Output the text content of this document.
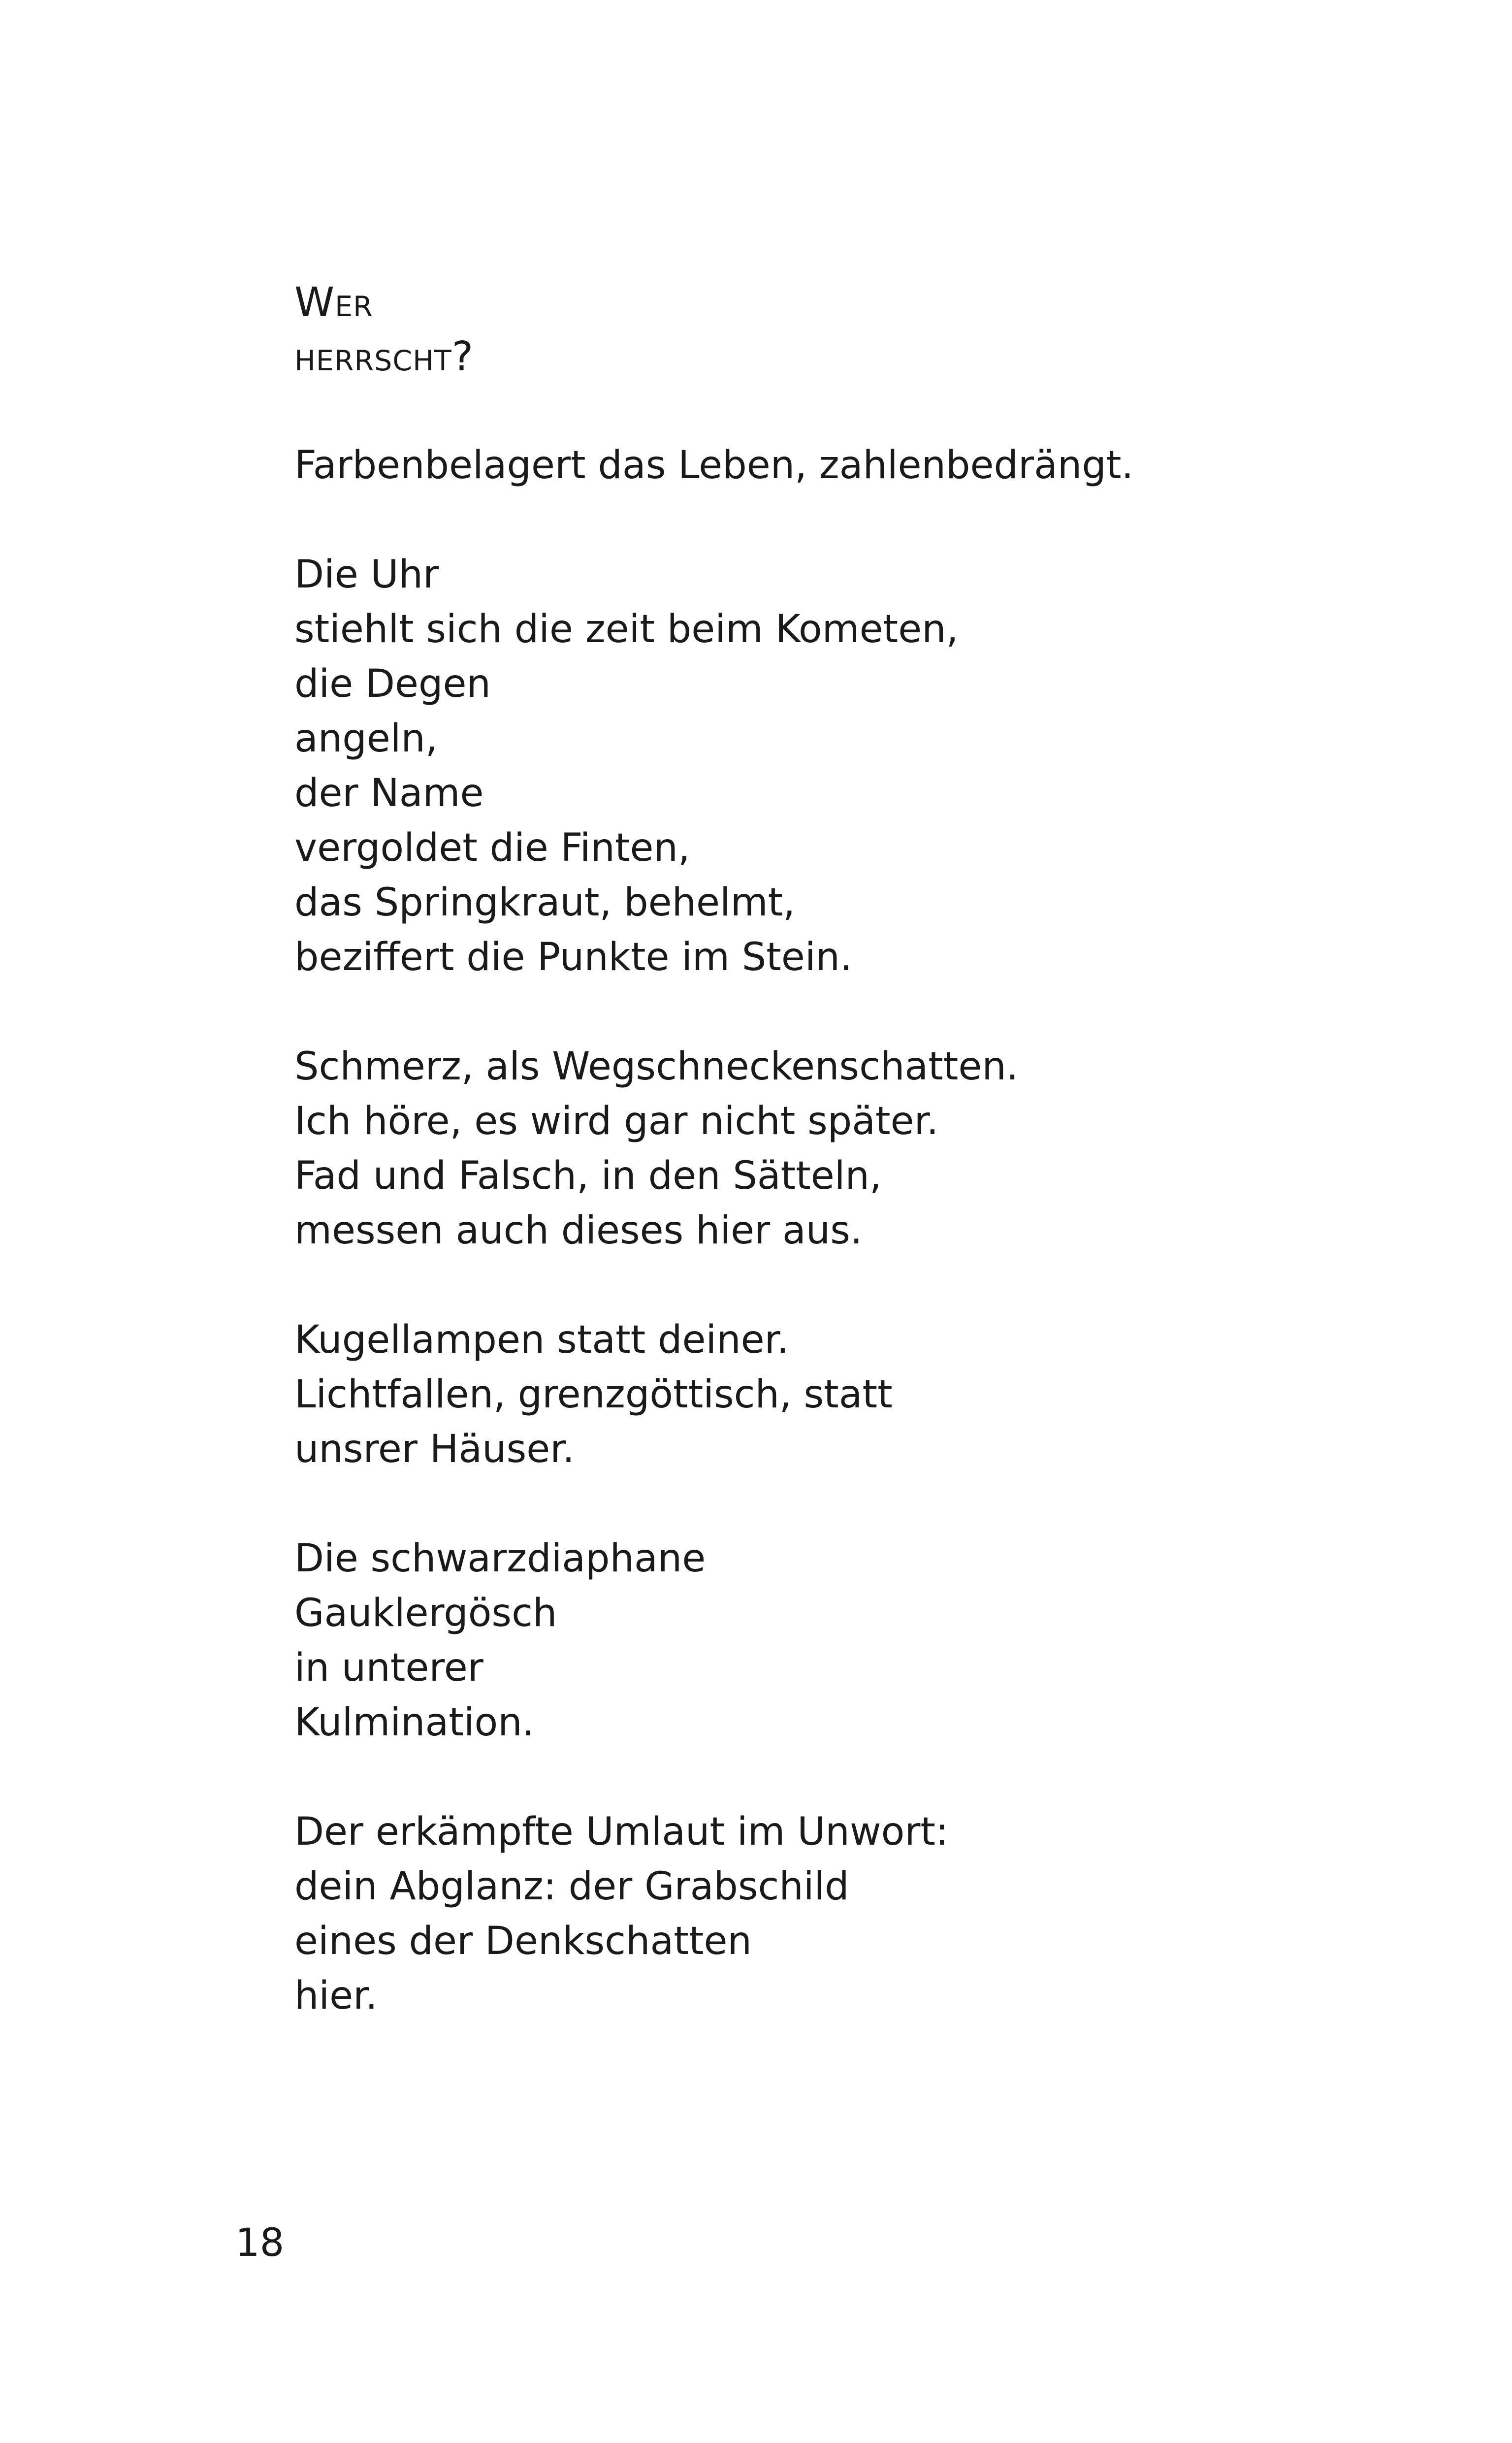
Wer
herrscht?
Farbenbelagert das Leben, zahlenbedrängt.
Die Uhr
stiehlt sich die zeit beim Kometen,
die Degen
angeln,
der Name
vergoldet die Finten,
das Springkraut, behelmt,
beziffert die Punkte im Stein.
Schmerz, als Wegschneckenschatten.
Ich höre, es wird gar nicht später.
Fad und Falsch, in den Sätteln,
messen auch dieses hier aus.
Kugellampen statt deiner.
Lichtfallen, grenzgöttisch, statt
unsrer Häuser.
Die schwarzdiaphane
Gauklergösch
in unterer
Kulmination.
Der erkämpfte Umlaut im Unwort:
dein Abglanz: der Grabschild
eines der Denkschatten
hier.
18
